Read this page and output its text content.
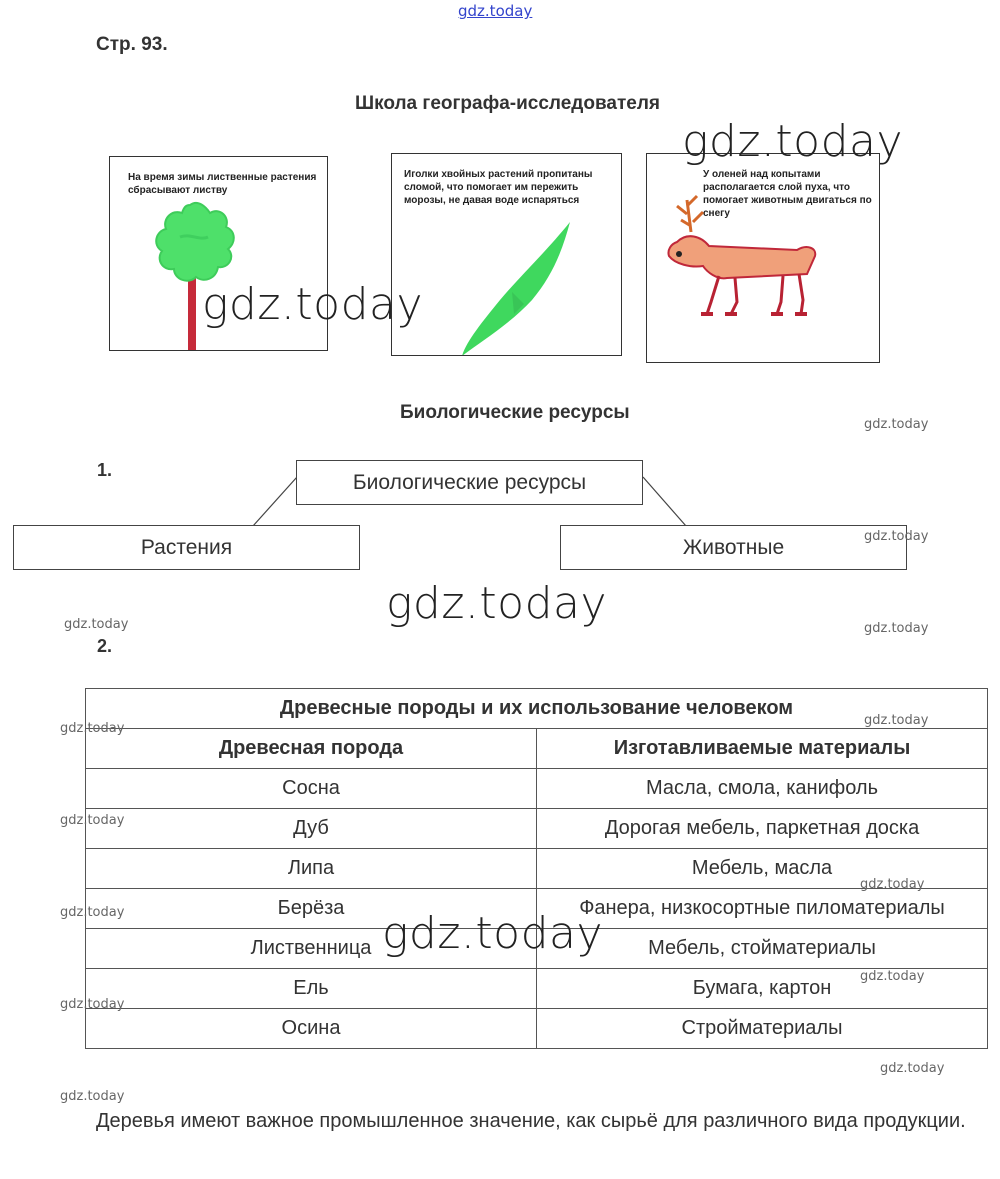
gdz.today
Стр. 93.
Школа географа-исследователя
На время зимы лиственные растения сбрасывают листву
Иголки хвойных растений пропитаны сломой, что помогает им пережить морозы, не давая воде испаряться
У оленей над копытами располагается слой пуха, что помогает животным двигаться по снегу
Биологические ресурсы
1.
Биологические ресурсы
Растения	Животные
2.
Древесные породы и их использование человеком	
Древесная порода	Изготавливаемые материалы
Сосна	Масла, смола, канифоль
Дуб	Дорогая мебель, паркетная доска
Липа	Мебель, масла
Берёза	Фанера, низкосортные пиломатериалы
Лиственница	Мебель, стойматериалы
Ель	Бумага, картон
Осина	Стройматериалы
Деревья имеют важное промышленное значение, как сырьё для различного вида продукции.
gdz.today
gdz.today
gdz.today
gdz.today
gdz.today
gdz.today
gdz.today	gdz.today
gdz.today
gdz.today
gdz.today
gdz.today
gdz.today
gdz.today
gdz.today
gdz.today
gdz.today
